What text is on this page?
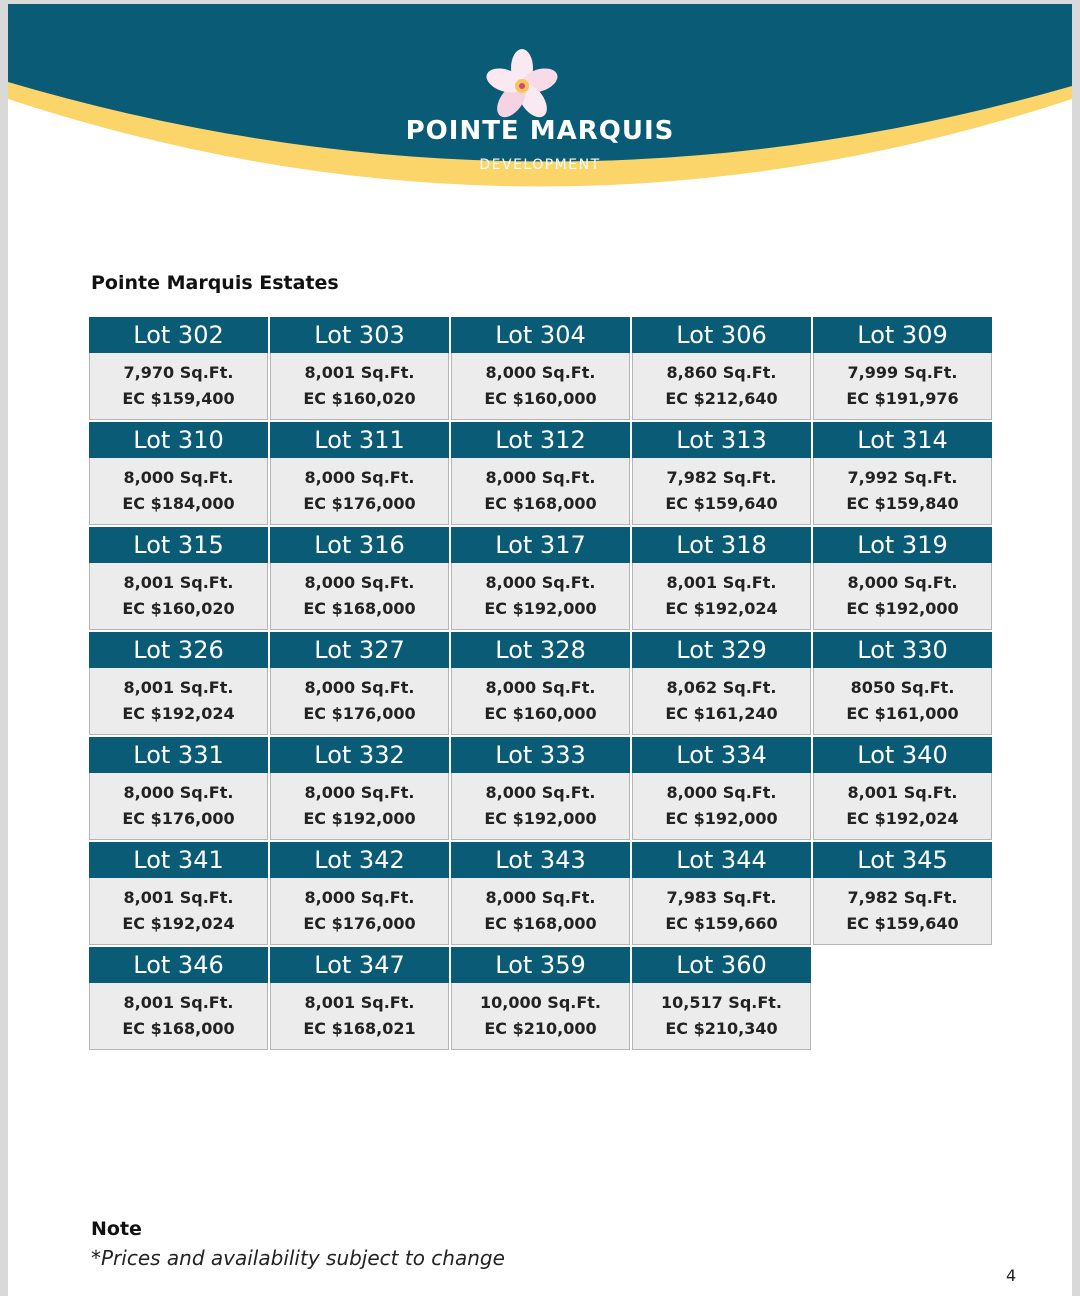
POINTE MARQUIS
DEVELOPMENT
Pointe Marquis Estates
Lot 302
7,970 Sq.Ft.
EC $159,400
Lot 303
8,001 Sq.Ft.
EC $160,020
Lot 304
8,000 Sq.Ft.
EC $160,000
Lot 306
8,860 Sq.Ft.
EC $212,640
Lot 309
7,999 Sq.Ft.
EC $191,976
Lot 310
8,000 Sq.Ft.
EC $184,000
Lot 311
8,000 Sq.Ft.
EC $176,000
Lot 312
8,000 Sq.Ft.
EC $168,000
Lot 313
7,982 Sq.Ft.
EC $159,640
Lot 314
7,992 Sq.Ft.
EC $159,840
Lot 315
8,001 Sq.Ft.
EC $160,020
Lot 316
8,000 Sq.Ft.
EC $168,000
Lot 317
8,000 Sq.Ft.
EC $192,000
Lot 318
8,001 Sq.Ft.
EC $192,024
Lot 319
8,000 Sq.Ft.
EC $192,000
Lot 326
8,001 Sq.Ft.
EC $192,024
Lot 327
8,000 Sq.Ft.
EC $176,000
Lot 328
8,000 Sq.Ft.
EC $160,000
Lot 329
8,062 Sq.Ft.
EC $161,240
Lot 330
8050 Sq.Ft.
EC $161,000
Lot 331
8,000 Sq.Ft.
EC $176,000
Lot 332
8,000 Sq.Ft.
EC $192,000
Lot 333
8,000 Sq.Ft.
EC $192,000
Lot 334
8,000 Sq.Ft.
EC $192,000
Lot 340
8,001 Sq.Ft.
EC $192,024
Lot 341
8,001 Sq.Ft.
EC $192,024
Lot 342
8,000 Sq.Ft.
EC $176,000
Lot 343
8,000 Sq.Ft.
EC $168,000
Lot 344
7,983 Sq.Ft.
EC $159,660
Lot 345
7,982 Sq.Ft.
EC $159,640
Lot 346
8,001 Sq.Ft.
EC $168,000
Lot 347
8,001 Sq.Ft.
EC $168,021
Lot 359
10,000 Sq.Ft.
EC $210,000
Lot 360
10,517 Sq.Ft.
EC $210,340
Note
*Prices and availability subject to change
4
